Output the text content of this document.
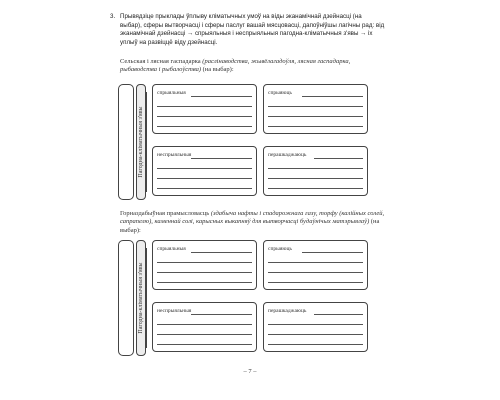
3. Прывядзіце прыклады ўплыву кліматычных умоў на віды эканамічнай дзейнасці (на выбар), сферы вытворчасці і сферы паслуг вашай мясцовасці, дапоўніўшы лагічны рад: від эканамічнай дзейнасці → спрыяльныя і неспрыяльныя пагодна-кліматычныя з'явы → іх уплыў на развіццё віду дзейнасці.
Сельская і лясная гаспадарка (раслінаводства, жывёлагадоўля, лясная гаспадарка, рыбаводства і рыбалоўства) (на выбар):
Пагодна-кліматычныя з'явы
спрыяльныя	спрыяюць
неспрыяльныя	перашкаджаюць
Горназдабыўная прамысловасць (здабыча нафты і спадарожнага газу, торфу (калійных солей, сапрапелю), каменнай солі, карысных выкапняў для вытворчасці будаўнічых матэрыялаў) (на выбар):
Пагодна-кліматычныя з'явы
спрыяльныя	спрыяюць
неспрыяльныя	перашкаджаюць
– 7 –
